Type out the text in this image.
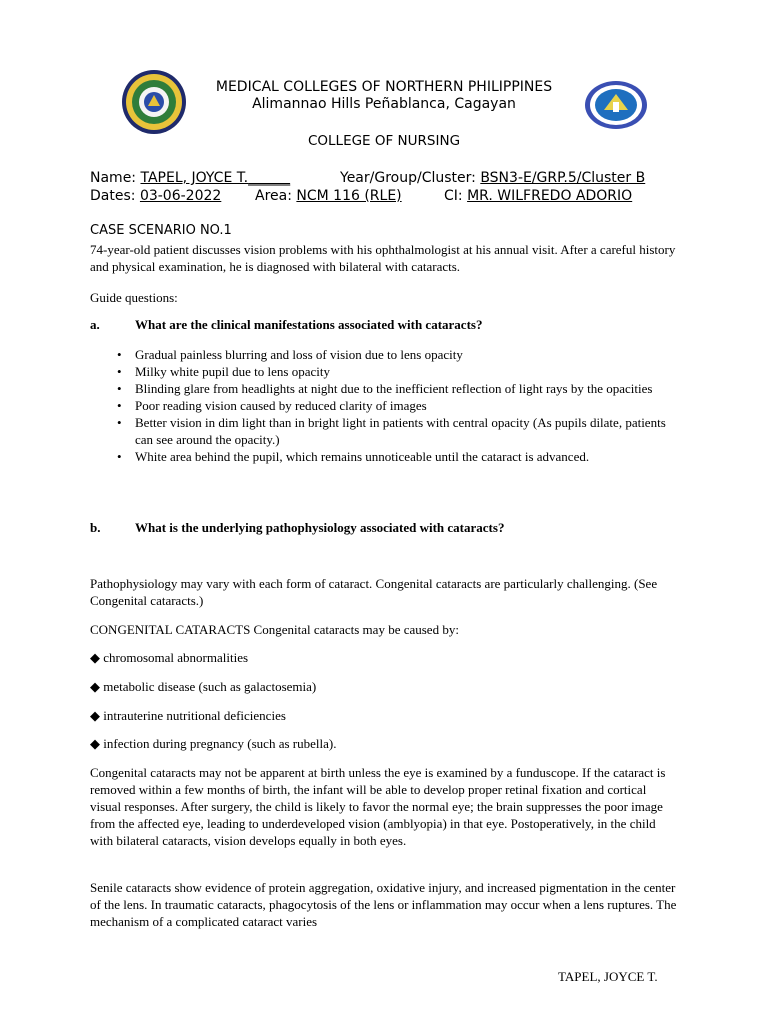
MEDICAL COLLEGES OF NORTHERN PHILIPPINES
Alimannao Hills Peñablanca, Cagayan
COLLEGE OF NURSING
Name: TAPEL, JOYCE T.______	Year/Group/Cluster: BSN3-E/GRP.5/Cluster B
Dates: 03-06-2022 Area: NCM 116 (RLE)	CI: MR. WILFREDO ADORIO
CASE SCENARIO NO.1
74-year-old patient discusses vision problems with his ophthalmologist at his annual visit. After a careful history and physical examination, he is diagnosed with bilateral with cataracts.
Guide questions:
a.	What are the clinical manifestations associated with cataracts?
• Gradual painless blurring and loss of vision due to lens opacity
• Milky white pupil due to lens opacity
• Blinding glare from headlights at night due to the inefficient reflection of light rays by the opacities
• Poor reading vision caused by reduced clarity of images
• Better vision in dim light than in bright light in patients with central opacity (As pupils dilate, patients can see around the opacity.)
• White area behind the pupil, which remains unnoticeable until the cataract is advanced.
b.	What is the underlying pathophysiology associated with cataracts?
Pathophysiology may vary with each form of cataract. Congenital cataracts are particularly challenging. (See Congenital cataracts.)
CONGENITAL CATARACTS Congenital cataracts may be caused by:
◆ chromosomal abnormalities
◆ metabolic disease (such as galactosemia)
◆ intrauterine nutritional deficiencies
◆ infection during pregnancy (such as rubella).
Congenital cataracts may not be apparent at birth unless the eye is examined by a funduscope. If the cataract is removed within a few months of birth, the infant will be able to develop proper retinal fixation and cortical visual responses. After surgery, the child is likely to favor the normal eye; the brain suppresses the poor image from the affected eye, leading to underdeveloped vision (amblyopia) in that eye. Postoperatively, in the child with bilateral cataracts, vision develops equally in both eyes.
Senile cataracts show evidence of protein aggregation, oxidative injury, and increased pigmentation in the center of the lens. In traumatic cataracts, phagocytosis of the lens or inflammation may occur when a lens ruptures. The mechanism of a complicated cataract varies
TAPEL, JOYCE T.
